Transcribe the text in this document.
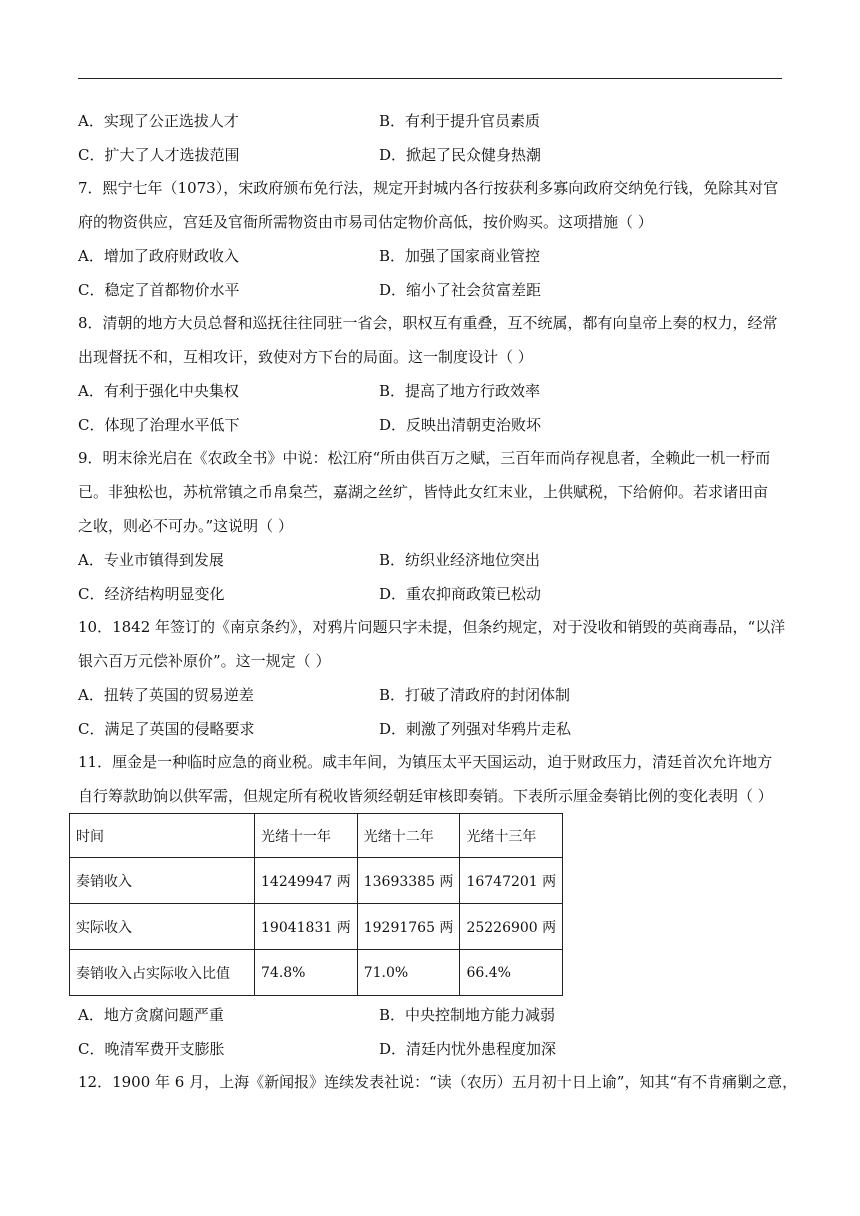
A．实现了公正选拔人才	B．有利于提升官员素质
C．扩大了人才选拔范围	D．掀起了民众健身热潮
7．熙宁七年（1073），宋政府颁布免行法，规定开封城内各行按获利多寡向政府交纳免行钱，免除其对官
府的物资供应，宫廷及官衙所需物资由市易司估定物价高低，按价购买。这项措施（ ）
A．增加了政府财政收入	B．加强了国家商业管控
C．稳定了首都物价水平	D．缩小了社会贫富差距
8．清朝的地方大员总督和巡抚往往同驻一省会，职权互有重叠，互不统属，都有向皇帝上奏的权力，经常
出现督抚不和，互相攻讦，致使对方下台的局面。这一制度设计（ ）
A．有利于强化中央集权	B．提高了地方行政效率
C．体现了治理水平低下	D．反映出清朝吏治败坏
9．明末徐光启在《农政全书》中说：松江府“所由供百万之赋，三百年而尚存视息者，全赖此一机一杼而
已。非独松也，苏杭常镇之币帛枲苎，嘉湖之丝纩，皆恃此女红末业，上供赋税，下给俯仰。若求诸田亩
之收，则必不可办。”这说明（ ）
A．专业市镇得到发展	B．纺织业经济地位突出
C．经济结构明显变化	D．重农抑商政策已松动
10．1842 年签订的《南京条约》，对鸦片问题只字未提，但条约规定，对于没收和销毁的英商毒品，“以洋
银六百万元偿补原价”。这一规定（ ）
A．扭转了英国的贸易逆差	B．打破了清政府的封闭体制
C．满足了英国的侵略要求	D．刺激了列强对华鸦片走私
11．厘金是一种临时应急的商业税。咸丰年间，为镇压太平天国运动，迫于财政压力，清廷首次允许地方
自行筹款助饷以供军需，但规定所有税收皆须经朝廷审核即奏销。下表所示厘金奏销比例的变化表明（ ）
时间	光绪十一年	光绪十二年	光绪十三年
奏销收入	14249947 两	13693385 两	16747201 两
实际收入	19041831 两	19291765 两	25226900 两
奏销收入占实际收入比值	74.8%	71.0%	66.4%
A．地方贪腐问题严重	B．中央控制地方能力减弱
C．晚清军费开支膨胀	D．清廷内忧外患程度加深
12．1900 年 6 月，上海《新闻报》连续发表社说：“读（农历）五月初十日上谕”，知其“有不肯痛剿之意，
